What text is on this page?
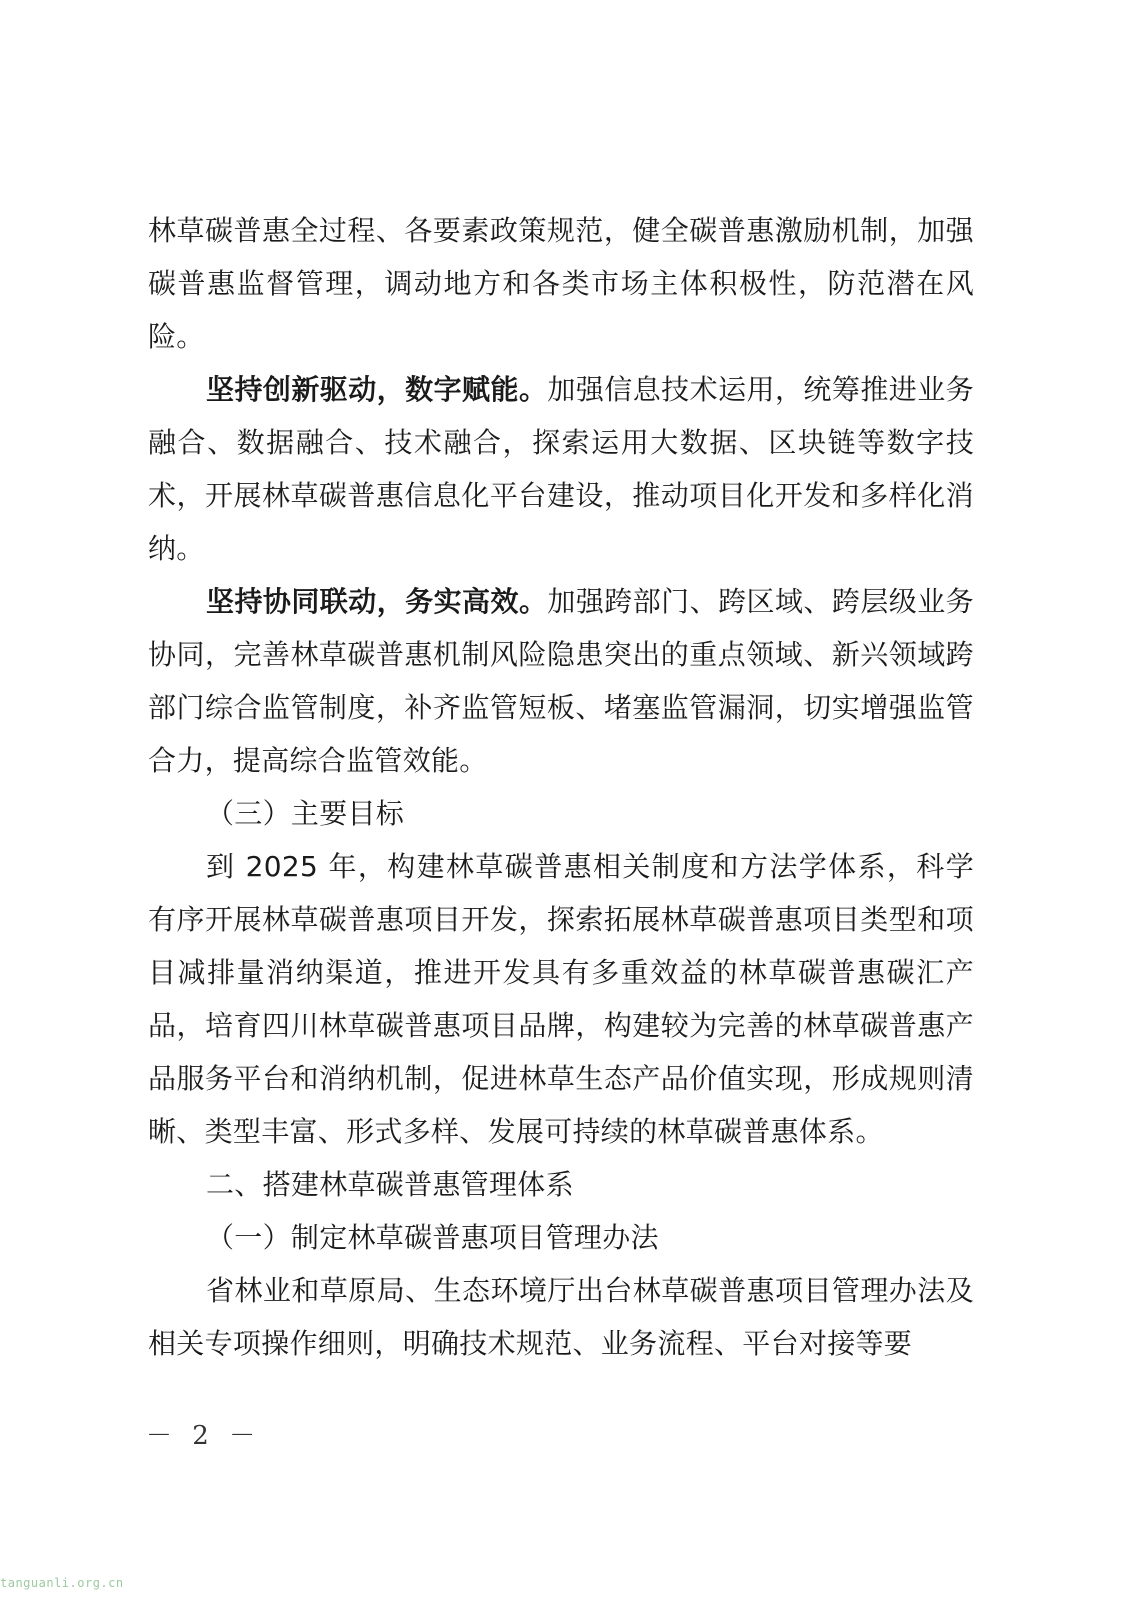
林草碳普惠全过程、各要素政策规范，健全碳普惠激励机制，加强碳普惠监督管理，调动地方和各类市场主体积极性，防范潜在风险。

坚持创新驱动，数字赋能。加强信息技术运用，统筹推进业务融合、数据融合、技术融合，探索运用大数据、区块链等数字技术，开展林草碳普惠信息化平台建设，推动项目化开发和多样化消纳。

坚持协同联动，务实高效。加强跨部门、跨区域、跨层级业务协同，完善林草碳普惠机制风险隐患突出的重点领域、新兴领域跨部门综合监管制度，补齐监管短板、堵塞监管漏洞，切实增强监管合力，提高综合监管效能。

（三）主要目标

到 2025 年，构建林草碳普惠相关制度和方法学体系，科学有序开展林草碳普惠项目开发，探索拓展林草碳普惠项目类型和项目减排量消纳渠道，推进开发具有多重效益的林草碳普惠碳汇产品，培育四川林草碳普惠项目品牌，构建较为完善的林草碳普惠产品服务平台和消纳机制，促进林草生态产品价值实现，形成规则清晰、类型丰富、形式多样、发展可持续的林草碳普惠体系。

二、搭建林草碳普惠管理体系

（一）制定林草碳普惠项目管理办法

省林业和草原局、生态环境厅出台林草碳普惠项目管理办法及相关专项操作细则，明确技术规范、业务流程、平台对接等要

－ 2 －
tanguanli.org.cn
